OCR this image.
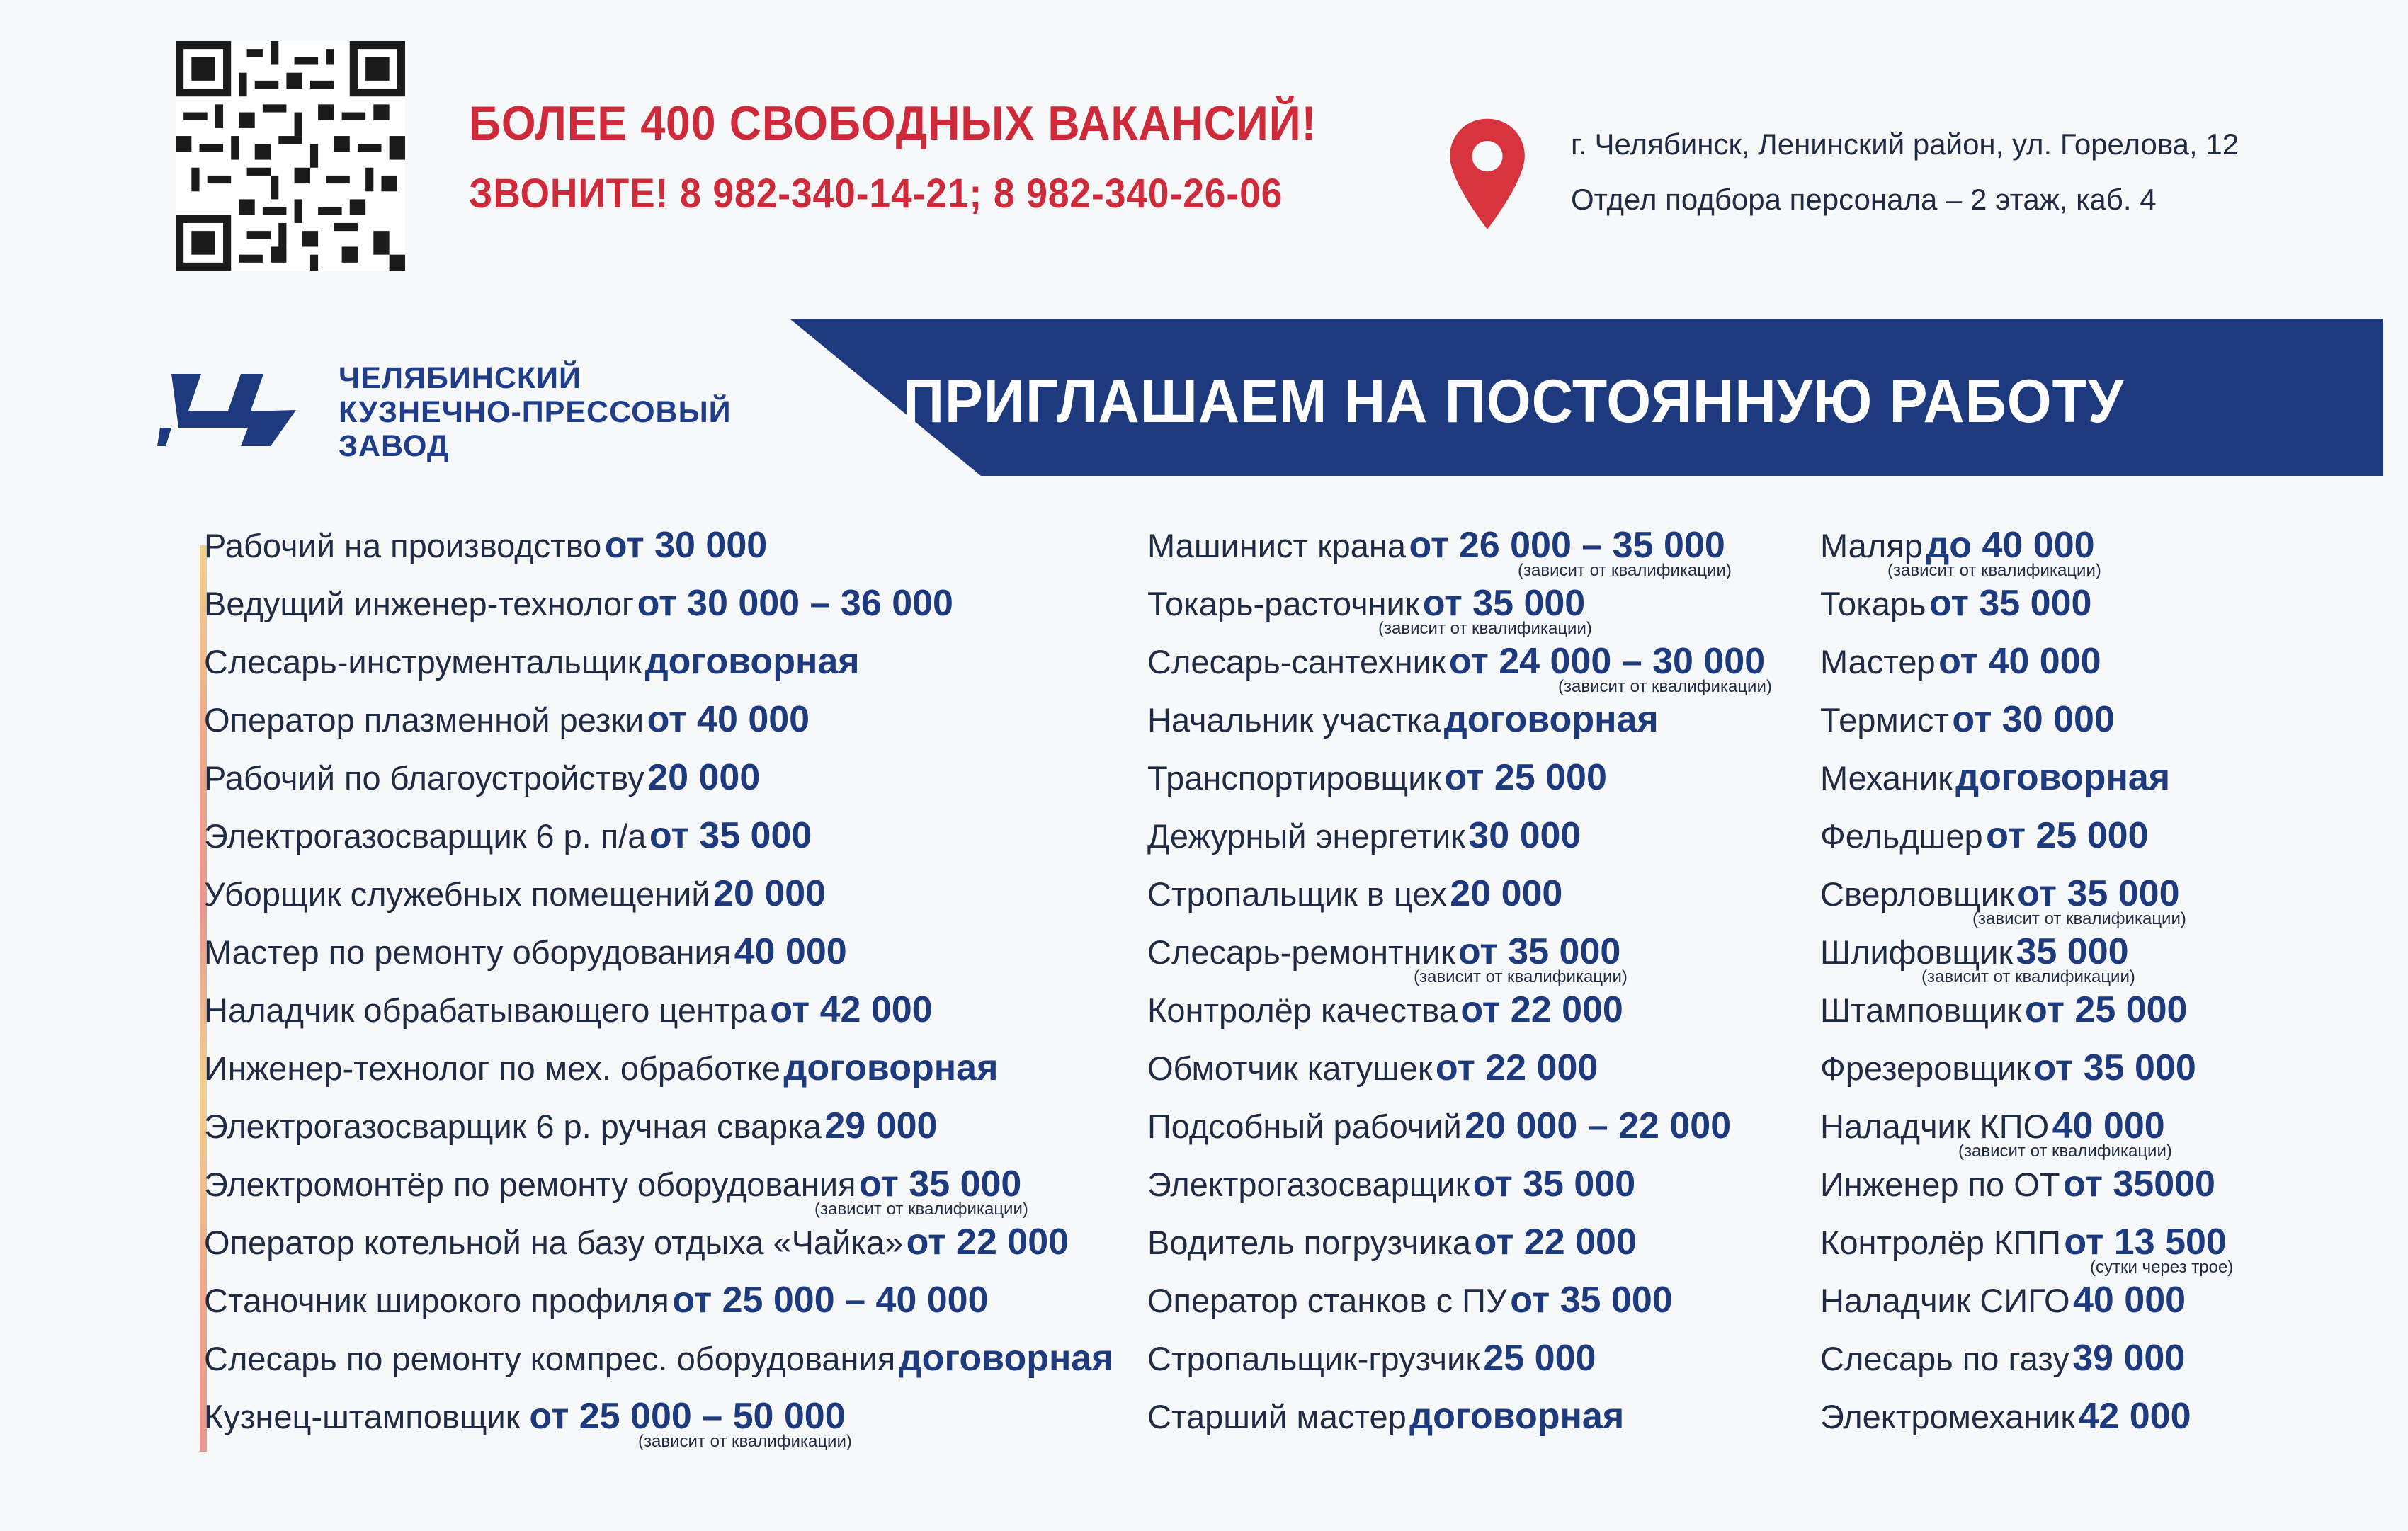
БОЛЕЕ 400 СВОБОДНЫХ ВАКАНСИЙ!
ЗВОНИТЕ! 8 982-340-14-21; 8 982-340-26-06
г. Челябинск, Ленинский район, ул. Горелова, 12
Отдел подбора персонала – 2 этаж, каб. 4
ЧЕЛЯБИНСКИЙ
КУЗНЕЧНО-ПРЕССОВЫЙ
ЗАВОД
ПРИГЛАШАЕМ НА ПОСТОЯННУЮ РАБОТУ
Рабочий на производство от 30 000
Ведущий инженер-технолог от 30 000 – 36 000
Слесарь-инструментальщик договорная
Оператор плазменной резки от 40 000
Рабочий по благоустройству 20 000
Электрогазосварщик 6 р. п/а от 35 000
Уборщик служебных помещений 20 000
Мастер по ремонту оборудования 40 000
Наладчик обрабатывающего центра от 42 000
Инженер-технолог по мех. обработке договорная
Электрогазосварщик 6 р. ручная сварка 29 000
Электромонтёр по ремонту оборудования от 35 000
(зависит от квалификации)
Оператор котельной на базу отдыха «Чайка» от 22 000
Станочник широкого профиля от 25 000 – 40 000
Слесарь по ремонту компрес. оборудования договорная
Кузнец-штамповщик от 25 000 – 50 000
(зависит от квалификации)
Машинист крана от 26 000 – 35 000
(зависит от квалификации)
Токарь-расточник от 35 000
(зависит от квалификации)
Слесарь-сантехник от 24 000 – 30 000
(зависит от квалификации)
Начальник участка договорная
Транспортировщик от 25 000
Дежурный энергетик 30 000
Стропальщик в цех 20 000
Слесарь-ремонтник от 35 000
(зависит от квалификации)
Контролёр качества от 22 000
Обмотчик катушек от 22 000
Подсобный рабочий 20 000 – 22 000
Электрогазосварщик от 35 000
Водитель погрузчика от 22 000
Оператор станков с ПУ от 35 000
Стропальщик-грузчик 25 000
Старший мастер договорная
Маляр до 40 000
(зависит от квалификации)
Токарь от 35 000
Мастер от 40 000
Термист от 30 000
Механик договорная
Фельдшер от 25 000
Сверловщик от 35 000
(зависит от квалификации)
Шлифовщик 35 000
(зависит от квалификации)
Штамповщик от 25 000
Фрезеровщик от 35 000
Наладчик КПО 40 000
(зависит от квалификации)
Инженер по ОТ от 35000
Контролёр КПП от 13 500
(сутки через трое)
Наладчик СИГО 40 000
Слесарь по газу 39 000
Электромеханик 42 000
